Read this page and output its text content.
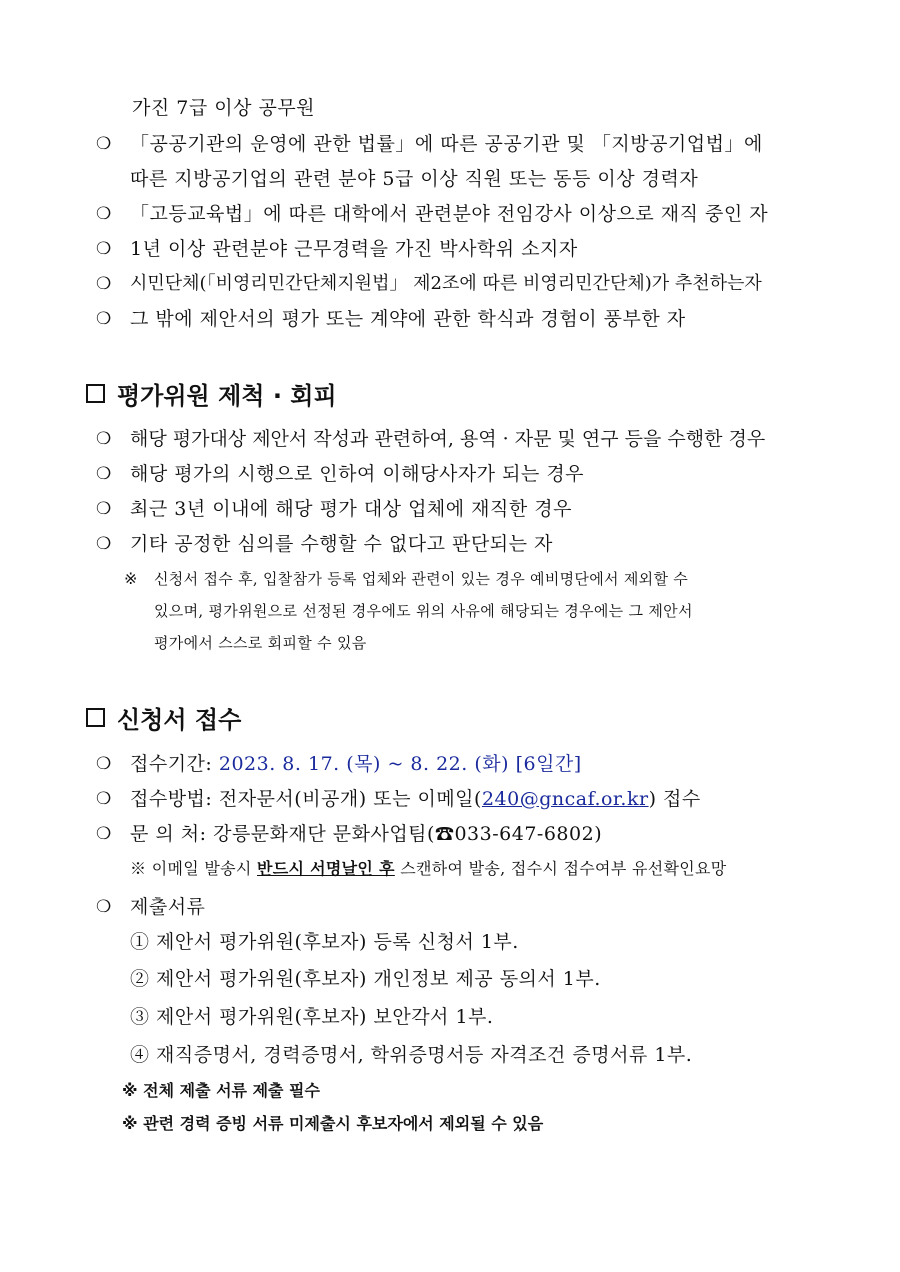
가진 7급 이상 공무원
❍ 「공공기관의 운영에 관한 법률」에 따른 공공기관 및 「지방공기업법」에
따른 지방공기업의 관련 분야 5급 이상 직원 또는 동등 이상 경력자
❍ 「고등교육법」에 따른 대학에서 관련분야 전임강사 이상으로 재직 중인 자
❍ 1년 이상 관련분야 근무경력을 가진 박사학위 소지자
❍	시민단체(「비영리민간단체지원법」 제2조에 따른 비영리민간단체)가 추천하는자
❍ 그 밖에 제안서의 평가 또는 계약에 관한 학식과 경험이 풍부한 자
평가위원 제척 · 회피
❍ 해당 평가대상 제안서 작성과 관련하여, 용역 · 자문 및 연구 등을 수행한 경우
❍ 해당 평가의 시행으로 인하여 이해당사자가 되는 경우
❍ 최근 3년 이내에 해당 평가 대상 업체에 재직한 경우
❍ 기타 공정한 심의를 수행할 수 없다고 판단되는 자
※ 신청서 접수 후, 입찰참가 등록 업체와 관련이 있는 경우 예비명단에서 제외할 수
있으며, 평가위원으로 선정된 경우에도 위의 사유에 해당되는 경우에는 그 제안서
평가에서 스스로 회피할 수 있음
신청서 접수
❍ 접수기간: 2023. 8. 17. (목) ~ 8. 22. (화) [6일간]
❍ 접수방법: 전자문서(비공개) 또는 이메일(240@gncaf.or.kr) 접수
❍ 문 의 처: 강릉문화재단 문화사업팀(☎033-647-6802)
※ 이메일 발송시 반드시 서명날인 후 스캔하여 발송, 접수시 접수여부 유선확인요망
❍ 제출서류
① 제안서 평가위원(후보자) 등록 신청서 1부.
② 제안서 평가위원(후보자) 개인정보 제공 동의서 1부.
③ 제안서 평가위원(후보자) 보안각서 1부.
④ 재직증명서, 경력증명서, 학위증명서등 자격조건 증명서류 1부.
※ 전체 제출 서류 제출 필수
※ 관련 경력 증빙 서류 미제출시 후보자에서 제외될 수 있음
